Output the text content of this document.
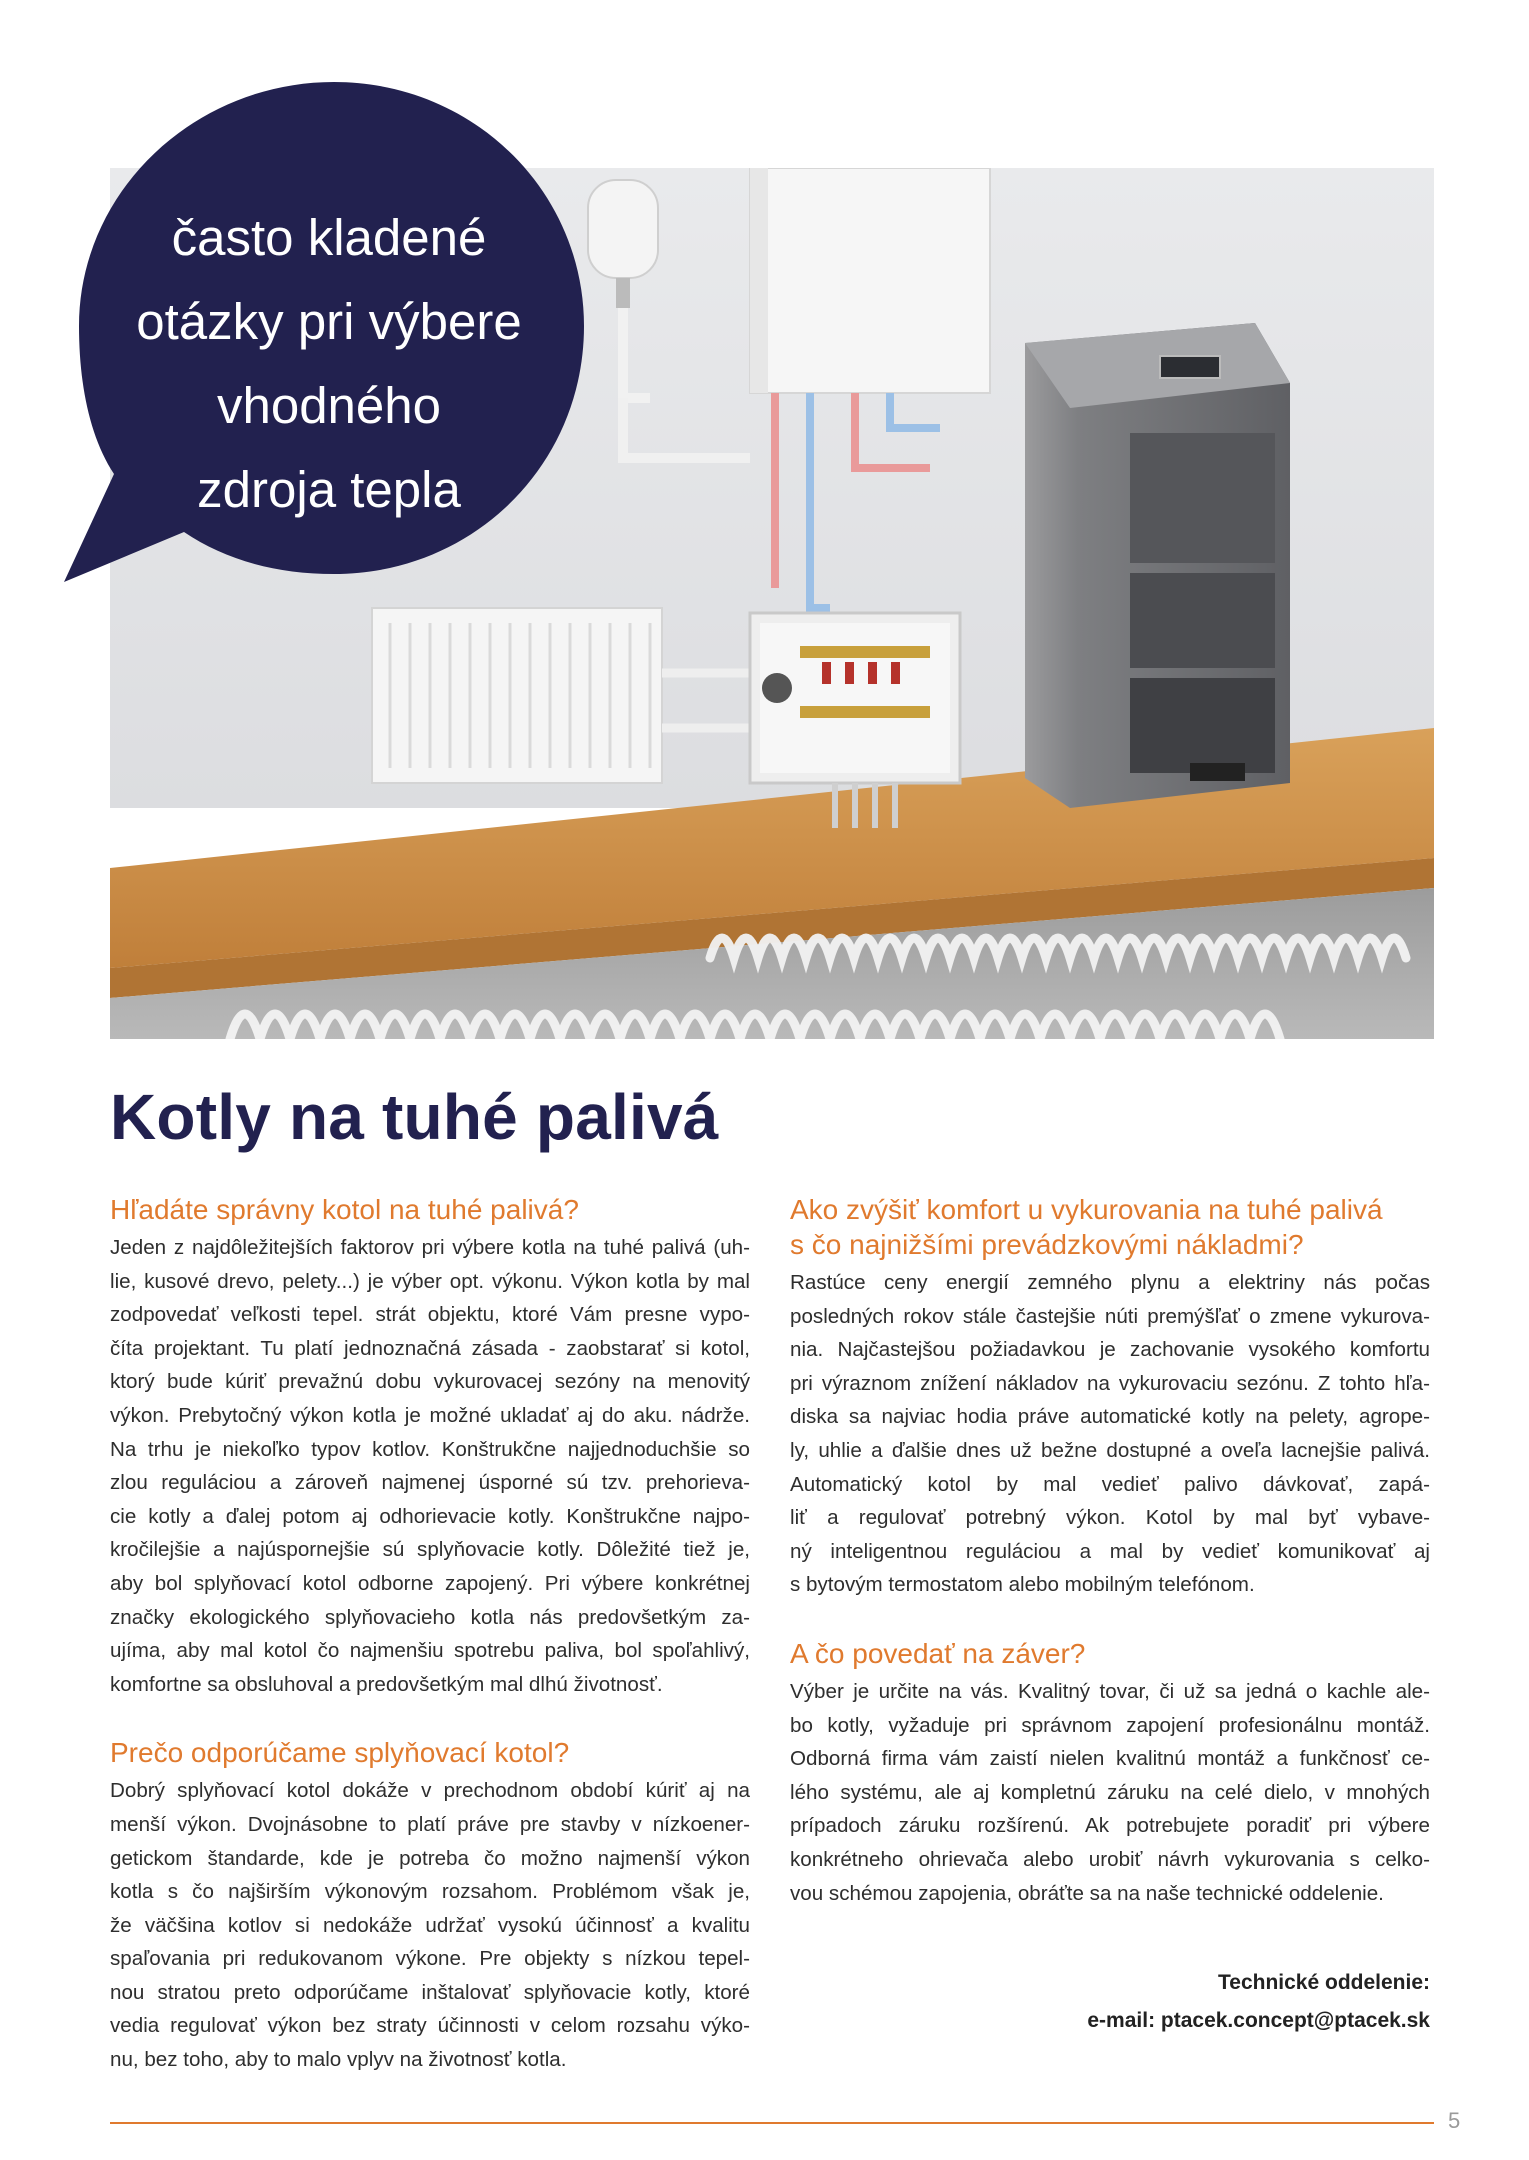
často kladené
otázky pri výbere
vhodného
zdroja tepla
Kotly na tuhé palivá
Hľadáte správny kotol na tuhé palivá?
Jeden z najdôležitejších faktorov pri výbere kotla na tuhé palivá (uh-
lie, kusové drevo, pelety...) je výber opt. výkonu. Výkon kotla by mal
zodpovedať veľkosti tepel. strát objektu, ktoré Vám presne vypo-
číta projektant. Tu platí jednoznačná zásada - zaobstarať si kotol,
ktorý bude kúriť prevažnú dobu vykurovacej sezóny na menovitý
výkon. Prebytočný výkon kotla je možné ukladať aj do aku. nádrže.
Na trhu je niekoľko typov kotlov. Konštrukčne najjednoduchšie so
zlou reguláciou a zároveň najmenej úsporné sú tzv. prehorieva-
cie kotly a ďalej potom aj odhorievacie kotly. Konštrukčne najpo-
kročilejšie a najúspornejšie sú splyňovacie kotly. Dôležité tiež je,
aby bol splyňovací kotol odborne zapojený. Pri výbere konkrétnej
značky ekologického splyňovacieho kotla nás predovšetkým za-
ujíma, aby mal kotol čo najmenšiu spotrebu paliva, bol spoľahlivý,
komfortne sa obsluhoval a predovšetkým mal dlhú životnosť.
Prečo odporúčame splyňovací kotol?
Dobrý splyňovací kotol dokáže v prechodnom období kúriť aj na
menší výkon. Dvojnásobne to platí práve pre stavby v nízkoener-
getickom štandarde, kde je potreba čo možno najmenší výkon
kotla s čo najširším výkonovým rozsahom. Problémom však je,
že väčšina kotlov si nedokáže udržať vysokú účinnosť a kvalitu
spaľovania pri redukovanom výkone. Pre objekty s nízkou tepel-
nou stratou preto odporúčame inštalovať splyňovacie kotly, ktoré
vedia regulovať výkon bez straty účinnosti v celom rozsahu výko-
nu, bez toho, aby to malo vplyv na životnosť kotla.
Ako zvýšiť komfort u vykurovania na tuhé palivá
s čo najnižšími prevádzkovými nákladmi?
Rastúce ceny energií zemného plynu a elektriny nás počas
posledných rokov stále častejšie núti premýšľať o zmene vykurova-
nia. Najčastejšou požiadavkou je zachovanie vysokého komfortu
pri výraznom znížení nákladov na vykurovaciu sezónu. Z tohto hľa-
diska sa najviac hodia práve automatické kotly na pelety, agrope-
ly, uhlie a ďalšie dnes už bežne dostupné a oveľa lacnejšie palivá.
Automatický kotol by mal vedieť palivo dávkovať, zapá-
liť a regulovať potrebný výkon. Kotol by mal byť vybave-
ný inteligentnou reguláciou a mal by vedieť komunikovať aj
s bytovým termostatom alebo mobilným telefónom.
A čo povedať na záver?
Výber je určite na vás. Kvalitný tovar, či už sa jedná o kachle ale-
bo kotly, vyžaduje pri správnom zapojení profesionálnu montáž.
Odborná firma vám zaistí nielen kvalitnú montáž a funkčnosť ce-
lého systému, ale aj kompletnú záruku na celé dielo, v mnohých
prípadoch záruku rozšírenú. Ak potrebujete poradiť pri výbere
konkrétneho ohrievača alebo urobiť návrh vykurovania s celko-
vou schémou zapojenia, obráťte sa na naše technické oddelenie.
Technické oddelenie:
e-mail: ptacek.concept@ptacek.sk
5
